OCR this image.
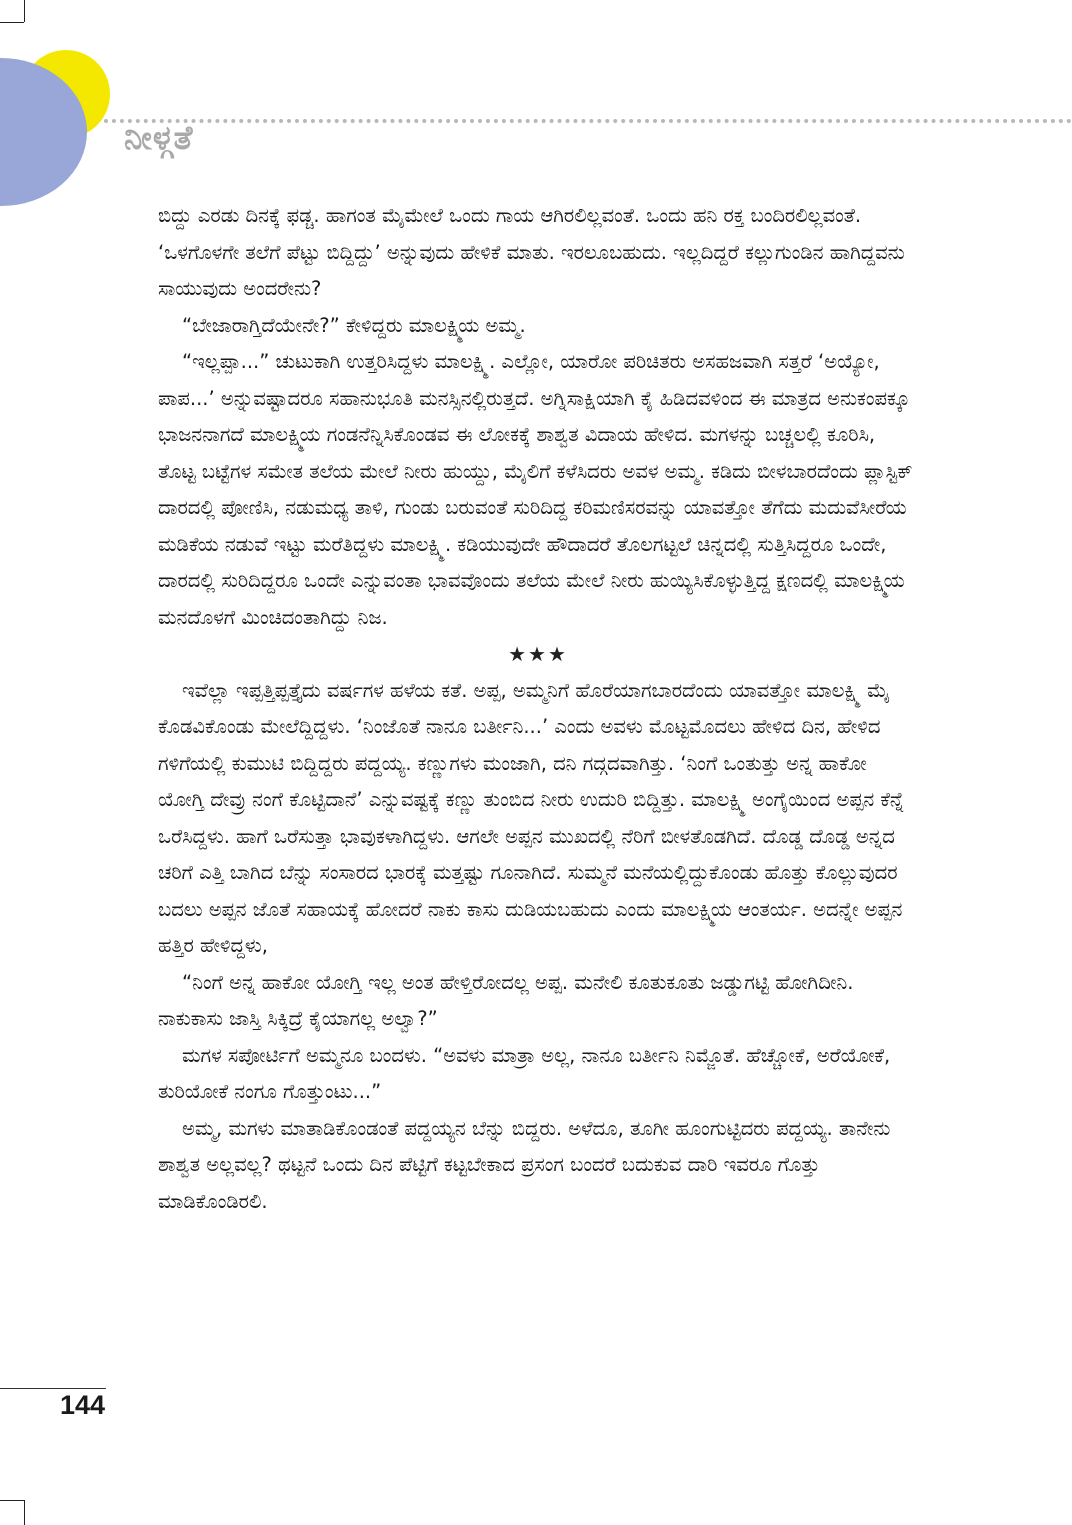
ನೀಳ್ಗತೆ

ಬಿದ್ದು ಎರಡು ದಿನಕ್ಕೆ ಫಡ್ಚ. ಹಾಗಂತ ಮೈಮೇಲೆ ಒಂದು ಗಾಯ ಆಗಿರಲಿಲ್ಲವಂತೆ. ಒಂದು ಹನಿ ರಕ್ತ ಬಂದಿರಲಿಲ್ಲವಂತೆ. ‘ಒಳಗೊಳಗೇ ತಲೆಗೆ ಪೆಟ್ಟು ಬಿದ್ದಿದ್ದು’ ಅನ್ನುವುದು ಹೇಳಿಕೆ ಮಾತು. ಇರಲೂಬಹುದು. ಇಲ್ಲದಿದ್ದರೆ ಕಲ್ಲುಗುಂಡಿನ ಹಾಗಿದ್ದವನು ಸಾಯುವುದು ಅಂದರೇನು?

“ಬೇಜಾರಾಗ್ತಿದೆಯೇನೇ?” ಕೇಳಿದ್ದರು ಮಾಲಕ್ಷ್ಮಿಯ ಅಮ್ಮ.

“ಇಲ್ಲಪ್ಪಾ...” ಚುಟುಕಾಗಿ ಉತ್ತರಿಸಿದ್ದಳು ಮಾಲಕ್ಷ್ಮಿ. ಎಲ್ಲೋ, ಯಾರೋ ಪರಿಚಿತರು ಅಸಹಜವಾಗಿ ಸತ್ತರೆ ‘ಅಯ್ಯೋ, ಪಾಪ...’ ಅನ್ನುವಷ್ಟಾದರೂ ಸಹಾನುಭೂತಿ ಮನಸ್ಸಿನಲ್ಲಿರುತ್ತದೆ. ಅಗ್ನಿಸಾಕ್ಷಿಯಾಗಿ ಕೈ ಹಿಡಿದವಳಿಂದ ಈ ಮಾತ್ರದ ಅನುಕಂಪಕ್ಕೂ ಭಾಜನನಾಗದೆ ಮಾಲಕ್ಷ್ಮಿಯ ಗಂಡನೆನ್ನಿಸಿಕೊಂಡವ ಈ ಲೋಕಕ್ಕೆ ಶಾಶ್ವತ ವಿದಾಯ ಹೇಳಿದ. ಮಗಳನ್ನು ಬಚ್ಚಲಲ್ಲಿ ಕೂರಿಸಿ, ತೊಟ್ಟ ಬಟ್ಟೆಗಳ ಸಮೇತ ತಲೆಯ ಮೇಲೆ ನೀರು ಹುಯ್ದು, ಮೈಲಿಗೆ ಕಳೆಸಿದರು ಅವಳ ಅಮ್ಮ. ಕಡಿದು ಬೀಳಬಾರದೆಂದು ಪ್ಲಾಸ್ಟಿಕ್ ದಾರದಲ್ಲಿ ಪೋಣಿಸಿ, ನಡುಮಧ್ಯ ತಾಳಿ, ಗುಂಡು ಬರುವಂತೆ ಸುರಿದಿದ್ದ ಕರಿಮಣಿಸರವನ್ನು ಯಾವತ್ತೋ ತೆಗೆದು ಮದುವೆಸೀರೆಯ ಮಡಿಕೆಯ ನಡುವೆ ಇಟ್ಟು ಮರೆತಿದ್ದಳು ಮಾಲಕ್ಷ್ಮಿ. ಕಡಿಯುವುದೇ ಹೌದಾದರೆ ತೊಲಗಟ್ಟಲೆ ಚಿನ್ನದಲ್ಲಿ ಸುತ್ತಿಸಿದ್ದರೂ ಒಂದೇ, ದಾರದಲ್ಲಿ ಸುರಿದಿದ್ದರೂ ಒಂದೇ ಎನ್ನುವಂತಾ ಭಾವವೊಂದು ತಲೆಯ ಮೇಲೆ ನೀರು ಹುಯ್ಯಿಸಿಕೊಳ್ಳುತ್ತಿದ್ದ ಕ್ಷಣದಲ್ಲಿ ಮಾಲಕ್ಷ್ಮಿಯ ಮನದೊಳಗೆ ಮಿಂಚಿದಂತಾಗಿದ್ದು ನಿಜ.

★★★

ಇವೆಲ್ಲಾ ಇಪ್ಪತ್ತಿಪ್ಪತ್ತೈದು ವರ್ಷಗಳ ಹಳೆಯ ಕತೆ. ಅಪ್ಪ, ಅಮ್ಮನಿಗೆ ಹೊರೆಯಾಗಬಾರದೆಂದು ಯಾವತ್ತೋ ಮಾಲಕ್ಷ್ಮಿ ಮೈ ಕೊಡವಿಕೊಂಡು ಮೇಲೆದ್ದಿದ್ದಳು. ‘ನಿಂಜೊತೆ ನಾನೂ ಬರ್ತೀನಿ...’ ಎಂದು ಅವಳು ಮೊಟ್ಟಮೊದಲು ಹೇಳಿದ ದಿನ, ಹೇಳಿದ ಗಳಿಗೆಯಲ್ಲಿ ಕುಮುಟಿ ಬಿದ್ದಿದ್ದರು ಪದ್ದಯ್ಯ. ಕಣ್ಣುಗಳು ಮಂಜಾಗಿ, ದನಿ ಗದ್ಗದವಾಗಿತ್ತು. ‘ನಿಂಗೆ ಒಂತುತ್ತು ಅನ್ನ ಹಾಕೋ ಯೋಗ್ತಿ ದೇವ್ರು ನಂಗೆ ಕೊಟ್ಟಿದಾನೆ’ ಎನ್ನುವಷ್ಟಕ್ಕೆ ಕಣ್ಣು ತುಂಬಿದ ನೀರು ಉದುರಿ ಬಿದ್ದಿತ್ತು. ಮಾಲಕ್ಷ್ಮಿ ಅಂಗೈಯಿಂದ ಅಪ್ಪನ ಕೆನ್ನೆ ಒರೆಸಿದ್ದಳು. ಹಾಗೆ ಒರೆಸುತ್ತಾ ಭಾವುಕಳಾಗಿದ್ದಳು. ಆಗಲೇ ಅಪ್ಪನ ಮುಖದಲ್ಲಿ ನೆರಿಗೆ ಬೀಳತೊಡಗಿದೆ. ದೊಡ್ಡ ದೊಡ್ಡ ಅನ್ನದ ಚರಿಗೆ ಎತ್ತಿ ಬಾಗಿದ ಬೆನ್ನು ಸಂಸಾರದ ಭಾರಕ್ಕೆ ಮತ್ತಷ್ಟು ಗೂನಾಗಿದೆ. ಸುಮ್ಮನೆ ಮನೆಯಲ್ಲಿದ್ದುಕೊಂಡು ಹೊತ್ತು ಕೊಲ್ಲುವುದರ ಬದಲು ಅಪ್ಪನ ಜೊತೆ ಸಹಾಯಕ್ಕೆ ಹೋದರೆ ನಾಕು ಕಾಸು ದುಡಿಯಬಹುದು ಎಂದು ಮಾಲಕ್ಷ್ಮಿಯ ಆಂತರ್ಯ. ಅದನ್ನೇ ಅಪ್ಪನ ಹತ್ತಿರ ಹೇಳಿದ್ದಳು,

“ನಿಂಗೆ ಅನ್ನ ಹಾಕೋ ಯೋಗ್ತಿ ಇಲ್ಲ ಅಂತ ಹೇಳ್ತಿರೋದಲ್ಲ ಅಪ್ಪ. ಮನೇಲಿ ಕೂತುಕೂತು ಜಡ್ಡುಗಟ್ಟಿ ಹೋಗಿದೀನಿ. ನಾಕುಕಾಸು ಜಾಸ್ತಿ ಸಿಕ್ಕಿದ್ರೆ ಕೈಯಾಗಲ್ಲ ಅಲ್ವಾ?”

ಮಗಳ ಸಪೋರ್ಟಿಗೆ ಅಮ್ಮನೂ ಬಂದಳು. “ಅವಳು ಮಾತ್ರಾ ಅಲ್ಲ, ನಾನೂ ಬರ್ತೀನಿ ನಿಮ್ಜೊತೆ. ಹೆಚ್ಚೋಕೆ, ಅರೆಯೋಕೆ, ತುರಿಯೋಕೆ ನಂಗೂ ಗೊತ್ತುಂಟು...”

ಅಮ್ಮ, ಮಗಳು ಮಾತಾಡಿಕೊಂಡಂತೆ ಪದ್ದಯ್ಯನ ಬೆನ್ನು ಬಿದ್ದರು. ಅಳೆದೂ, ತೂಗೀ ಹೂಂಗುಟ್ಟಿದರು ಪದ್ದಯ್ಯ. ತಾನೇನು ಶಾಶ್ವತ ಅಲ್ಲವಲ್ಲ? ಥಟ್ಟನೆ ಒಂದು ದಿನ ಪೆಟ್ಟಿಗೆ ಕಟ್ಟಬೇಕಾದ ಪ್ರಸಂಗ ಬಂದರೆ ಬದುಕುವ ದಾರಿ ಇವರೂ ಗೊತ್ತು ಮಾಡಿಕೊಂಡಿರಲಿ.

144
